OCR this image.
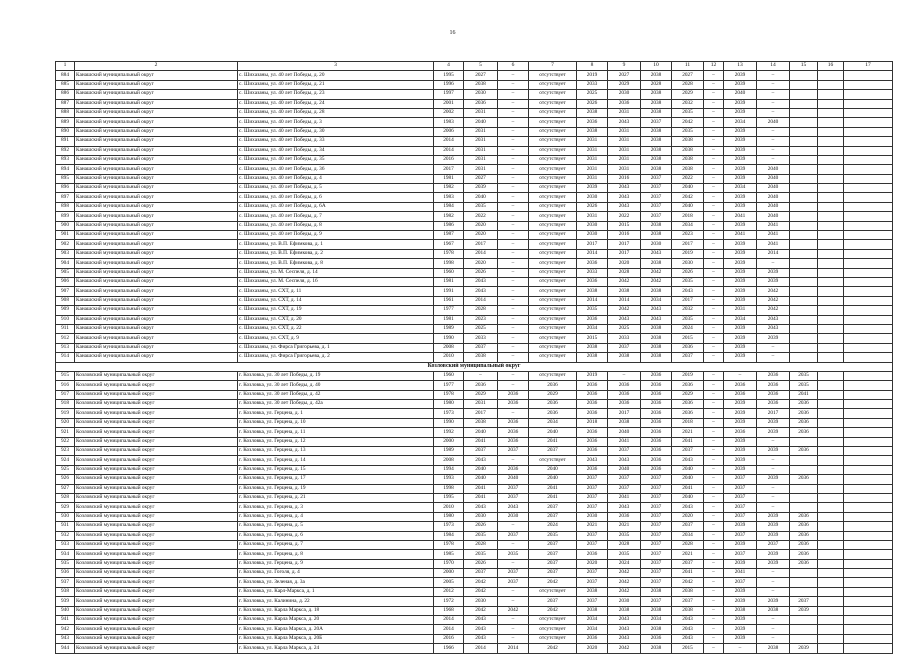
16
1	2	3	4	5	6	7	8	9	10	11	12	13	14	15	16	17
884	Канашский муниципальный округ	с. Шихазаны, ул. 40 лет Победы, д. 20	1995	2027	–	отсутствует	2019	2027	2038	2027	–	2039	–			
885	Канашский муниципальный округ	с. Шихазаны, ул. 40 лет Победы, д. 21	1996	2038	–	отсутствует	2033	2029	2028	2028	–	2039	–			
886	Канашский муниципальный округ	с. Шихазаны, ул. 40 лет Победы, д. 23	1997	2030	–	отсутствует	2025	2030	2038	2029	–	2040	–			
887	Канашский муниципальный округ	с. Шихазаны, ул. 40 лет Победы, д. 24	2001	2036	–	отсутствует	2026	2036	2038	2032	–	2039	–			
888	Канашский муниципальный округ	с. Шихазаны, ул. 40 лет Победы, д. 28	2002	2031	–	отсутствует	2038	2031	2038	2035	–	2039	–			
889	Канашский муниципальный округ	с. Шихазаны, ул. 40 лет Победы, д. 3	1983	2040	–	отсутствует	2036	2043	2037	2042	–	2034	2040			
890	Канашский муниципальный округ	с. Шихазаны, ул. 40 лет Победы, д. 30	2006	2031	–	отсутствует	2038	2031	2038	2035	–	2039	–			
891	Канашский муниципальный округ	с. Шихазаны, ул. 40 лет Победы, д. 33	2014	2031	–	отсутствует	2031	2031	2038	2038	–	2039	–			
892	Канашский муниципальный округ	с. Шихазаны, ул. 40 лет Победы, д. 34	2014	2031	–	отсутствует	2031	2031	2038	2038	–	2039	–			
893	Канашский муниципальный округ	с. Шихазаны, ул. 40 лет Победы, д. 35	2016	2031	–	отсутствует	2031	2031	2038	2038	–	2039	–			
894	Канашский муниципальный округ	с. Шихазаны, ул. 40 лет Победы, д. 36	2017	2031	–	отсутствует	2031	2031	2038	2038	–	2039	2040			
895	Канашский муниципальный округ	с. Шихазаны, ул. 40 лет Победы, д. 4	1981	2027	–	отсутствует	2031	2016	2037	2022	–	2039	2040			
896	Канашский муниципальный округ	с. Шихазаны, ул. 40 лет Победы, д. 5	1982	2039	–	отсутствует	2039	2043	2037	2040	–	2034	2040			
897	Канашский муниципальный округ	с. Шихазаны, ул. 40 лет Победы, д. 6	1983	2040	–	отсутствует	2030	2043	2037	2042	–	2039	2040			
898	Канашский муниципальный округ	с. Шихазаны, ул. 40 лет Победы, д. 6А	1984	2035	–	отсутствует	2026	2043	2037	2040	–	2039	2040			
899	Канашский муниципальный округ	с. Шихазаны, ул. 40 лет Победы, д. 7	1982	2022	–	отсутствует	2031	2022	2037	2018	–	2041	2040			
900	Канашский муниципальный округ	с. Шихазаны, ул. 40 лет Победы, д. 8	1986	2020	–	отсутствует	2030	2015	2038	2034	–	2039	2041			
901	Канашский муниципальный округ	с. Шихазаны, ул. 40 лет Победы, д. 9	1987	2020	–	отсутствует	2030	2016	2038	2023	–	2041	2041			
902	Канашский муниципальный округ	с. Шихазаны, ул. В.П. Ефимкова, д. 1	1967	2017	–	отсутствует	2017	2017	2030	2017	–	2039	2041			
903	Канашский муниципальный округ	с. Шихазаны, ул. В.П. Ефимкова, д. 2	1978	2014	–	отсутствует	2014	2017	2043	2019	–	2039	2014			
904	Канашский муниципальный округ	с. Шихазаны, ул. В.П. Ефимкова, д. 8	1998	2020	–	отсутствует	2036	2020	2038	2030	–	2039	–			
905	Канашский муниципальный округ	с. Шихазаны, ул. М. Сеспеля, д. 14	1960	2026	–	отсутствует	2033	2028	2042	2026	–	2039	2039			
906	Канашский муниципальный округ	с. Шихазаны, ул. М. Сеспеля, д. 16	1981	2043	–	отсутствует	2036	2042	2042	2035	–	2039	2039			
907	Канашский муниципальный округ	с. Шихазаны, ул. СХТ, д. 11	1991	2043	–	отсутствует	2038	2038	2038	2043	–	2039	2042			
908	Канашский муниципальный округ	с. Шихазаны, ул. СХТ, д. 14	1961	2014	–	отсутствует	2014	2014	2034	2017	–	2039	2042			
909	Канашский муниципальный округ	с. Шихазаны, ул. СХТ, д. 19	1977	2028	–	отсутствует	2035	2042	2043	2032	–	2031	2042			
910	Канашский муниципальный округ	с. Шихазаны, ул. СХТ, д. 20	1981	2023	–	отсутствует	2036	2043	2043	2035	–	2034	2043			
911	Канашский муниципальный округ	с. Шихазаны, ул. СХТ, д. 22	1989	2025	–	отсутствует	2034	2025	2038	2024	–	2039	2043			
912	Канашский муниципальный округ	с. Шихазаны, ул. СХТ, д. 9	1990	2033	–	отсутствует	2015	2033	2038	2015	–	2039	2039			
913	Канашский муниципальный округ	с. Шихазаны, ул. Фирса Григорьева, д. 1	2008	2037	–	отсутствует	2038	2037	2038	2036	–	2039	–			
914	Канашский муниципальный округ	с. Шихазаны, ул. Фирса Григорьева, д. 2	2010	2038	–	отсутствует	2038	2038	2038	2037	–	2039	–			
Козловский муниципальный округ																
915	Козловский муниципальный округ	г. Козловка, ул. 30 лет Победы, д. 19	1960	–	–	отсутствует	2019	–	2036	2019	–	–	2036	2035		
916	Козловский муниципальный округ	г. Козловка, ул. 30 лет Победы, д. 40	1977	2036	–	2036	2036	2036	2036	2036	–	2036	2036	2035		
917	Козловский муниципальный округ	г. Козловка, ул. 30 лет Победы, д. 42	1978	2029	2036	2029	2036	2036	2036	2029	–	2036	2036	2041		
918	Козловский муниципальный округ	г. Козловка, ул. 30 лет Победы, д. 42а	1980	2031	2036	2036	2036	2036	2036	2036	–	2039	2036	2036		
919	Козловский муниципальный округ	г. Козловка, ул. Герцена, д. 1	1973	2017	–	2036	2036	2017	2036	2036	–	2039	2017	2036		
920	Козловский муниципальный округ	г. Козловка, ул. Герцена, д. 10	1990	2038	2036	2034	2018	2038	2036	2018	–	2039	2039	2036		
921	Козловский муниципальный округ	г. Козловка, ул. Герцена, д. 11	1992	2040	2036	2040	2036	2040	2036	2021	–	2036	2039	2036		
922	Козловский муниципальный округ	г. Козловка, ул. Герцена, д. 12	2000	2041	2036	2041	2036	2041	2036	2041	–	2039	–			
923	Козловский муниципальный округ	г. Козловка, ул. Герцена, д. 13	1989	2037	2037	2037	2036	2037	2036	2037	–	2039	2039	2036		
924	Козловский муниципальный округ	г. Козловка, ул. Герцена, д. 14	2008	2043	–	отсутствует	2043	2043	2036	2043	–	2039	–			
925	Козловский муниципальный округ	г. Козловка, ул. Герцена, д. 15	1994	2040	2036	2040	2036	2040	2036	2040	–	2039	–			
926	Козловский муниципальный округ	г. Козловка, ул. Герцена, д. 17	1993	2040	2040	2040	2037	2037	2037	2040	–	2037	2039	2036		
927	Козловский муниципальный округ	г. Козловка, ул. Герцена, д. 19	1998	2041	2037	2041	2037	2037	2037	2041	–	2037	–			
928	Козловский муниципальный округ	г. Козловка, ул. Герцена, д. 21	1995	2041	2037	2041	2037	2041	2037	2040	–	2037	–			
929	Козловский муниципальный округ	г. Козловка, ул. Герцена, д. 3	2010	2043	2043	2037	2037	2043	2037	2043	–	2037	–			
930	Козловский муниципальный округ	г. Козловка, ул. Герцена, д. 4	1980	2030	2030	2037	2030	2036	2037	2020	–	2037	2039	2036		
931	Козловский муниципальный округ	г. Козловка, ул. Герцена, д. 5	1973	2026	–	2024	2021	2021	2037	2037	–	2039	2039	2036		
932	Козловский муниципальный округ	г. Козловка, ул. Герцена, д. 6	1984	2035	2037	2035	2037	2035	2037	2034	–	2037	2039	2036		
933	Козловский муниципальный округ	г. Козловка, ул. Герцена, д. 7	1978	2028	–	2037	2037	2028	2037	2028	–	2039	2037	2036		
934	Козловский муниципальный округ	г. Козловка, ул. Герцена, д. 8	1985	2035	2035	2037	2036	2035	2037	2021	–	2037	2039	2036		
935	Козловский муниципальный округ	г. Козловка, ул. Герцена, д. 9	1970	2026	–	2037	2020	2024	2037	2037	–	2039	2039	2036		
936	Козловский муниципальный округ	г. Козловка, ул. Гоголя, д. 4	2000	2037	2037	2037	2037	2042	2037	2041	–	2041	–			
937	Козловский муниципальный округ	г. Козловка, ул. Зеленая, д. 3а	2005	2042	2037	2042	2037	2042	2037	2042	–	2037	–			
938	Козловский муниципальный округ	г. Козловка, ул. Карл-Маркса, д. 1	2012	2042	–	отсутствует	2038	2042	2038	2038	–	2039	–			
939	Козловский муниципальный округ	г. Козловка, ул. Калинина, д. 22	1972	2030	–	2037	2037	2030	2037	2037	–	2039	2039	2037		
940	Козловский муниципальный округ	г. Козловка, ул. Карла Маркса, д. 18	1968	2042	2042	2042	2038	2038	2038	2038	–	2038	2038	2039		
941	Козловский муниципальный округ	г. Козловка, ул. Карла Маркса, д. 20	2014	2043	–	отсутствует	2034	2043	2034	2043	–	2039	–			
942	Козловский муниципальный округ	г. Козловка, ул. Карла Маркса, д. 20А	2014	2043	–	отсутствует	2034	2043	2038	2043	–	2039	–			
943	Козловский муниципальный округ	г. Козловка, ул. Карла Маркса, д. 20Б	2016	2043	–	отсутствует	2036	2043	2036	2043	–	2039	–			
944	Козловский муниципальный округ	г. Козловка, ул. Карла Маркса, д. 24	1966	2014	2014	2042	2020	2042	2038	2015	–	–	2038	2039		
